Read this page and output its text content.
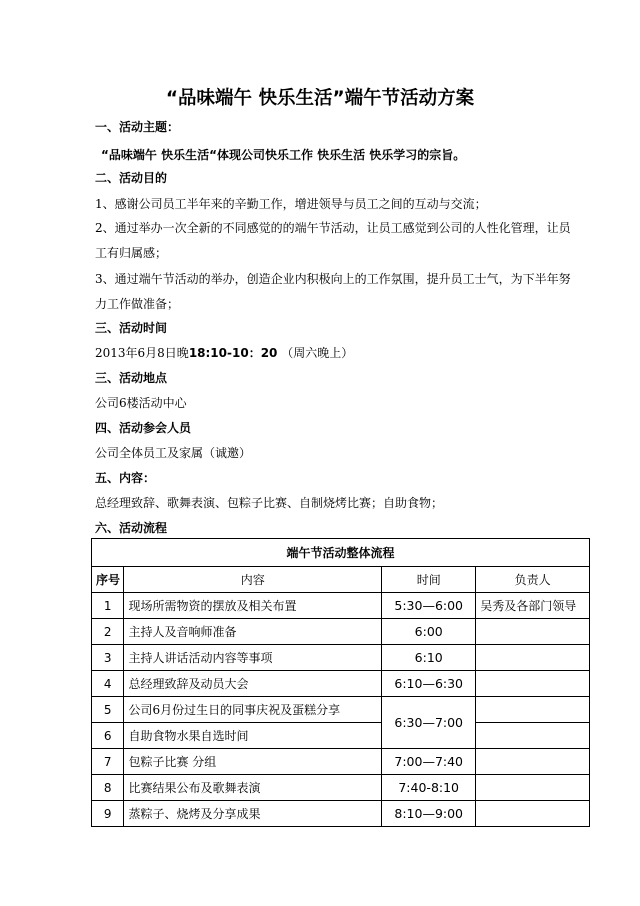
“品味端午 快乐生活”端午节活动方案
一、活动主题：
“品味端午 快乐生活“体现公司快乐工作 快乐生活 快乐学习的宗旨。
二、活动目的
1、感谢公司员工半年来的辛勤工作，增进领导与员工之间的互动与交流；
2、通过举办一次全新的不同感觉的的端午节活动，让员工感觉到公司的人性化管理，让员
工有归属感；
3、通过端午节活动的举办，创造企业内积极向上的工作氛围，提升员工士气，为下半年努
力工作做准备；
三、活动时间
2013年6月8日晚18:10-10：20 （周六晚上）
三、活动地点
公司6楼活动中心
四、活动参会人员
公司全体员工及家属（诚邀）
五、内容：
总经理致辞、歌舞表演、包粽子比赛、自制烧烤比赛；自助食物；
六、活动流程
端午节活动整体流程			
序号	内容	时间	负责人
1	现场所需物资的摆放及相关布置	5:30—6:00	吴秀及各部门领导
2	主持人及音响师准备	6:00	
3	主持人讲话活动内容等事项	6:10	
4	总经理致辞及动员大会	6:10—6:30	
5	公司6月份过生日的同事庆祝及蛋糕分享	6:30—7:00	
6	自助食物水果自选时间		
7	包粽子比赛 分组	7:00—7:40	
8	比赛结果公布及歌舞表演	7:40-8:10	
9	蒸粽子、烧烤及分享成果	8:10—9:00	
